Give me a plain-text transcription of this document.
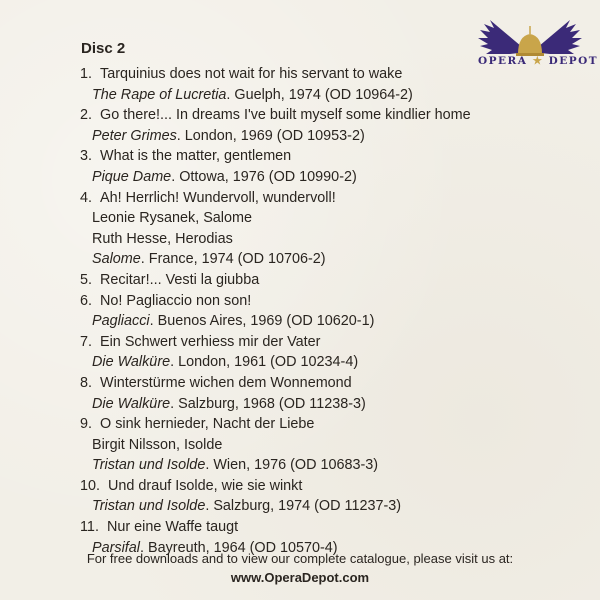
Disc 2
1. Tarquinius does not wait for his servant to wake
The Rape of Lucretia. Guelph, 1974 (OD 10964-2)
2. Go there!... In dreams I've built myself some kindlier home
Peter Grimes. London, 1969 (OD 10953-2)
3. What is the matter, gentlemen
Pique Dame. Ottowa, 1976 (OD 10990-2)
4. Ah! Herrlich! Wundervoll, wundervoll!
Leonie Rysanek, Salome
Ruth Hesse, Herodias
Salome. France, 1974 (OD 10706-2)
5. Recitar!... Vesti la giubba
6. No! Pagliaccio non son!
Pagliacci. Buenos Aires, 1969 (OD 10620-1)
7. Ein Schwert verhiess mir der Vater
Die Walküre. London, 1961 (OD 10234-4)
8. Winterstürme wichen dem Wonnemond
Die Walküre. Salzburg, 1968 (OD 11238-3)
9. O sink hernieder, Nacht der Liebe
Birgit Nilsson, Isolde
Tristan und Isolde. Wien, 1976 (OD 10683-3)
10. Und drauf Isolde, wie sie winkt
Tristan und Isolde. Salzburg, 1974 (OD 11237-3)
11. Nur eine Waffe taugt
Parsifal. Bayreuth, 1964 (OD 10570-4)
OPERA ★ DEPOT
For free downloads and to view our complete catalogue, please visit us at:
www.OperaDepot.com
